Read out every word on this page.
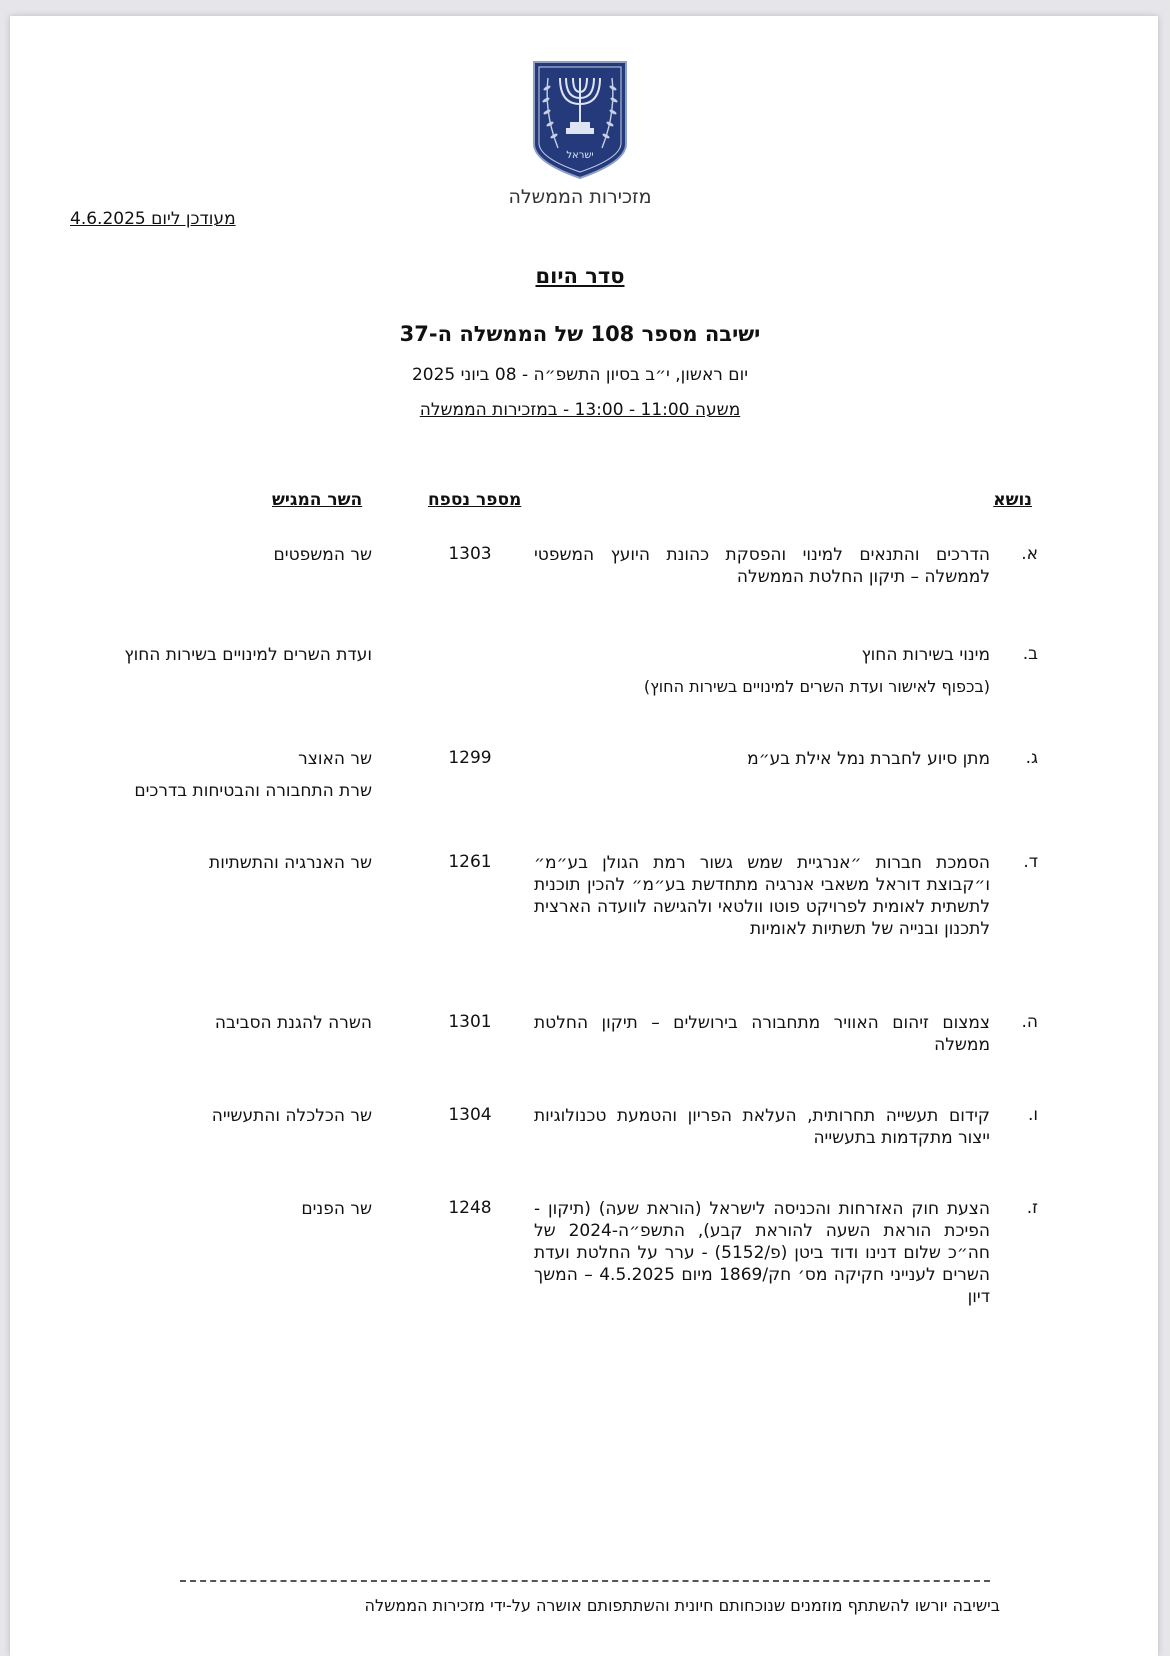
ישראל
מזכירות הממשלה
מעודכן ליום 4.6.2025
סדר היום
ישיבה מספר 108 של הממשלה ה-37
יום ראשון, י״ב בסיון התשפ״ה - 08 ביוני 2025
משעה 11:00 - 13:00 - במזכירות הממשלה
נושא
מספר נספח
השר המגיש
א.
הדרכים והתנאים למינוי והפסקת כהונת היועץ המשפטי לממשלה – תיקון החלטת הממשלה
1303
שר המשפטים
ב.
מינוי בשירות החוץ
(בכפוף לאישור ועדת השרים למינויים בשירות החוץ)
ועדת השרים למינויים בשירות החוץ
ג.
מתן סיוע לחברת נמל אילת בע״מ
1299
שר האוצר
שרת התחבורה והבטיחות בדרכים
ד.
הסמכת חברות ״אנרגיית שמש גשור רמת הגולן בע״מ״ ו״קבוצת דוראל משאבי אנרגיה מתחדשת בע״מ״ להכין תוכנית לתשתית לאומית לפרויקט פוטו וולטאי ולהגישה לוועדה הארצית לתכנון ובנייה של תשתיות לאומיות
1261
שר האנרגיה והתשתיות
ה.
צמצום זיהום האוויר מתחבורה בירושלים – תיקון החלטת ממשלה
1301
השרה להגנת הסביבה
ו.
קידום תעשייה תחרותית, העלאת הפריון והטמעת טכנולוגיות ייצור מתקדמות בתעשייה
1304
שר הכלכלה והתעשייה
ז.
הצעת חוק האזרחות והכניסה לישראל (הוראת שעה) (תיקון - הפיכת הוראת השעה להוראת קבע), התשפ״ה-2024 של חה״כ שלום דנינו ודוד ביטן (פ/5152) - ערר על החלטת ועדת השרים לענייני חקיקה מס׳ חק/1869 מיום 4.5.2025 – המשך דיון
1248
שר הפנים
בישיבה יורשו להשתתף מוזמנים שנוכחותם חיונית והשתתפותם אושרה על-ידי מזכירות הממשלה
